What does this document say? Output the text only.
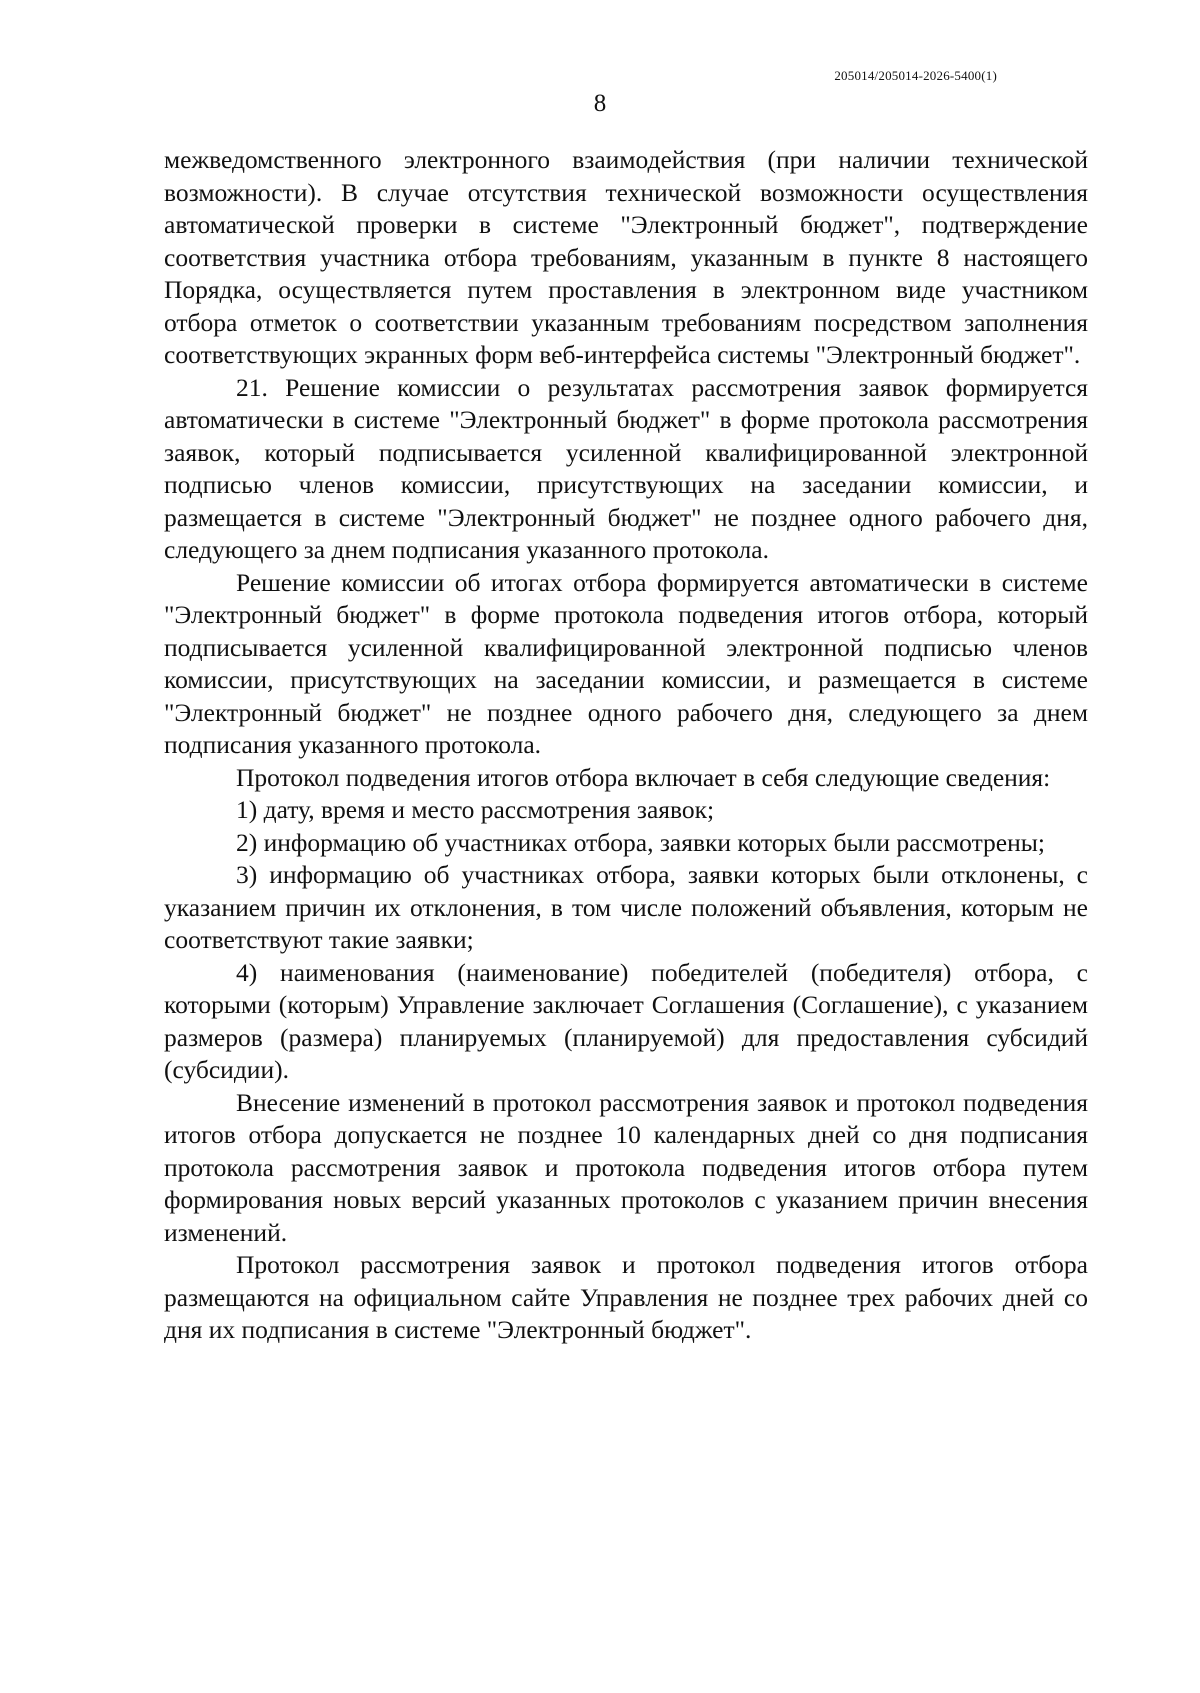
205014/205014-2026-5400(1)
8

межведомственного электронного взаимодействия (при наличии технической возможности). В случае отсутствия технической возможности осуществления автоматической проверки в системе "Электронный бюджет", подтверждение соответствия участника отбора требованиям, указанным в пункте 8 настоящего Порядка, осуществляется путем проставления в электронном виде участником отбора отметок о соответствии указанным требованиям посредством заполнения соответствующих экранных форм веб-интерфейса системы "Электронный бюджет".

21. Решение комиссии о результатах рассмотрения заявок формируется автоматически в системе "Электронный бюджет" в форме протокола рассмотрения заявок, который подписывается усиленной квалифицированной электронной подписью членов комиссии, присутствующих на заседании комиссии, и размещается в системе "Электронный бюджет" не позднее одного рабочего дня, следующего за днем подписания указанного протокола.

Решение комиссии об итогах отбора формируется автоматически в системе "Электронный бюджет" в форме протокола подведения итогов отбора, который подписывается усиленной квалифицированной электронной подписью членов комиссии, присутствующих на заседании комиссии, и размещается в системе "Электронный бюджет" не позднее одного рабочего дня, следующего за днем подписания указанного протокола.

Протокол подведения итогов отбора включает в себя следующие сведения:

1) дату, время и место рассмотрения заявок;

2) информацию об участниках отбора, заявки которых были рассмотрены;

3) информацию об участниках отбора, заявки которых были отклонены, с указанием причин их отклонения, в том числе положений объявления, которым не соответствуют такие заявки;

4) наименования (наименование) победителей (победителя) отбора, с которыми (которым) Управление заключает Соглашения (Соглашение), с указанием размеров (размера) планируемых (планируемой) для предоставления субсидий (субсидии).

Внесение изменений в протокол рассмотрения заявок и протокол подведения итогов отбора допускается не позднее 10 календарных дней со дня подписания протокола рассмотрения заявок и протокола подведения итогов отбора путем формирования новых версий указанных протоколов с указанием причин внесения изменений.

Протокол рассмотрения заявок и протокол подведения итогов отбора размещаются на официальном сайте Управления не позднее трех рабочих дней со дня их подписания в системе "Электронный бюджет".
